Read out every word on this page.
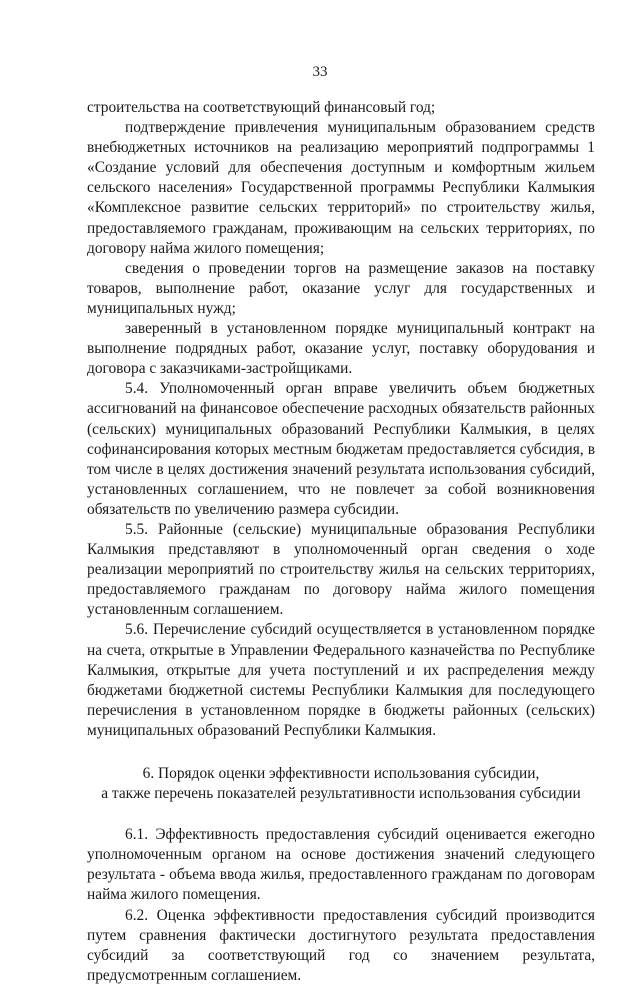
33

строительства на соответствующий финансовый год;

подтверждение привлечения муниципальным образованием средств внебюджетных источников на реализацию мероприятий подпрограммы 1 «Создание условий для обеспечения доступным и комфортным жильем сельского населения» Государственной программы Республики Калмыкия «Комплексное развитие сельских территорий» по строительству жилья, предоставляемого гражданам, проживающим на сельских территориях, по договору найма жилого помещения;

сведения о проведении торгов на размещение заказов на поставку товаров, выполнение работ, оказание услуг для государственных и муниципальных нужд;

заверенный в установленном порядке муниципальный контракт на выполнение подрядных работ, оказание услуг, поставку оборудования и договора с заказчиками-застройщиками.

5.4. Уполномоченный орган вправе увеличить объем бюджетных ассигнований на финансовое обеспечение расходных обязательств районных (сельских) муниципальных образований Республики Калмыкия, в целях софинансирования которых местным бюджетам предоставляется субсидия, в том числе в целях достижения значений результата использования субсидий, установленных соглашением, что не повлечет за собой возникновения обязательств по увеличению размера субсидии.

5.5. Районные (сельские) муниципальные образования Республики Калмыкия представляют в уполномоченный орган сведения о ходе реализации мероприятий по строительству жилья на сельских территориях, предоставляемого гражданам по договору найма жилого помещения установленным соглашением.

5.6. Перечисление субсидий осуществляется в установленном порядке на счета, открытые в Управлении Федерального казначейства по Республике Калмыкия, открытые для учета поступлений и их распределения между бюджетами бюджетной системы Республики Калмыкия для последующего перечисления в установленном порядке в бюджеты районных (сельских) муниципальных образований Республики Калмыкия.

6. Порядок оценки эффективности использования субсидии,
а также перечень показателей результативности использования субсидии

6.1. Эффективность предоставления субсидий оценивается ежегодно уполномоченным органом на основе достижения значений следующего результата - объема ввода жилья, предоставленного гражданам по договорам найма жилого помещения.

6.2. Оценка эффективности предоставления субсидий производится путем сравнения фактически достигнутого результата предоставления субсидий за соответствующий год со значением результата, предусмотренным соглашением.
